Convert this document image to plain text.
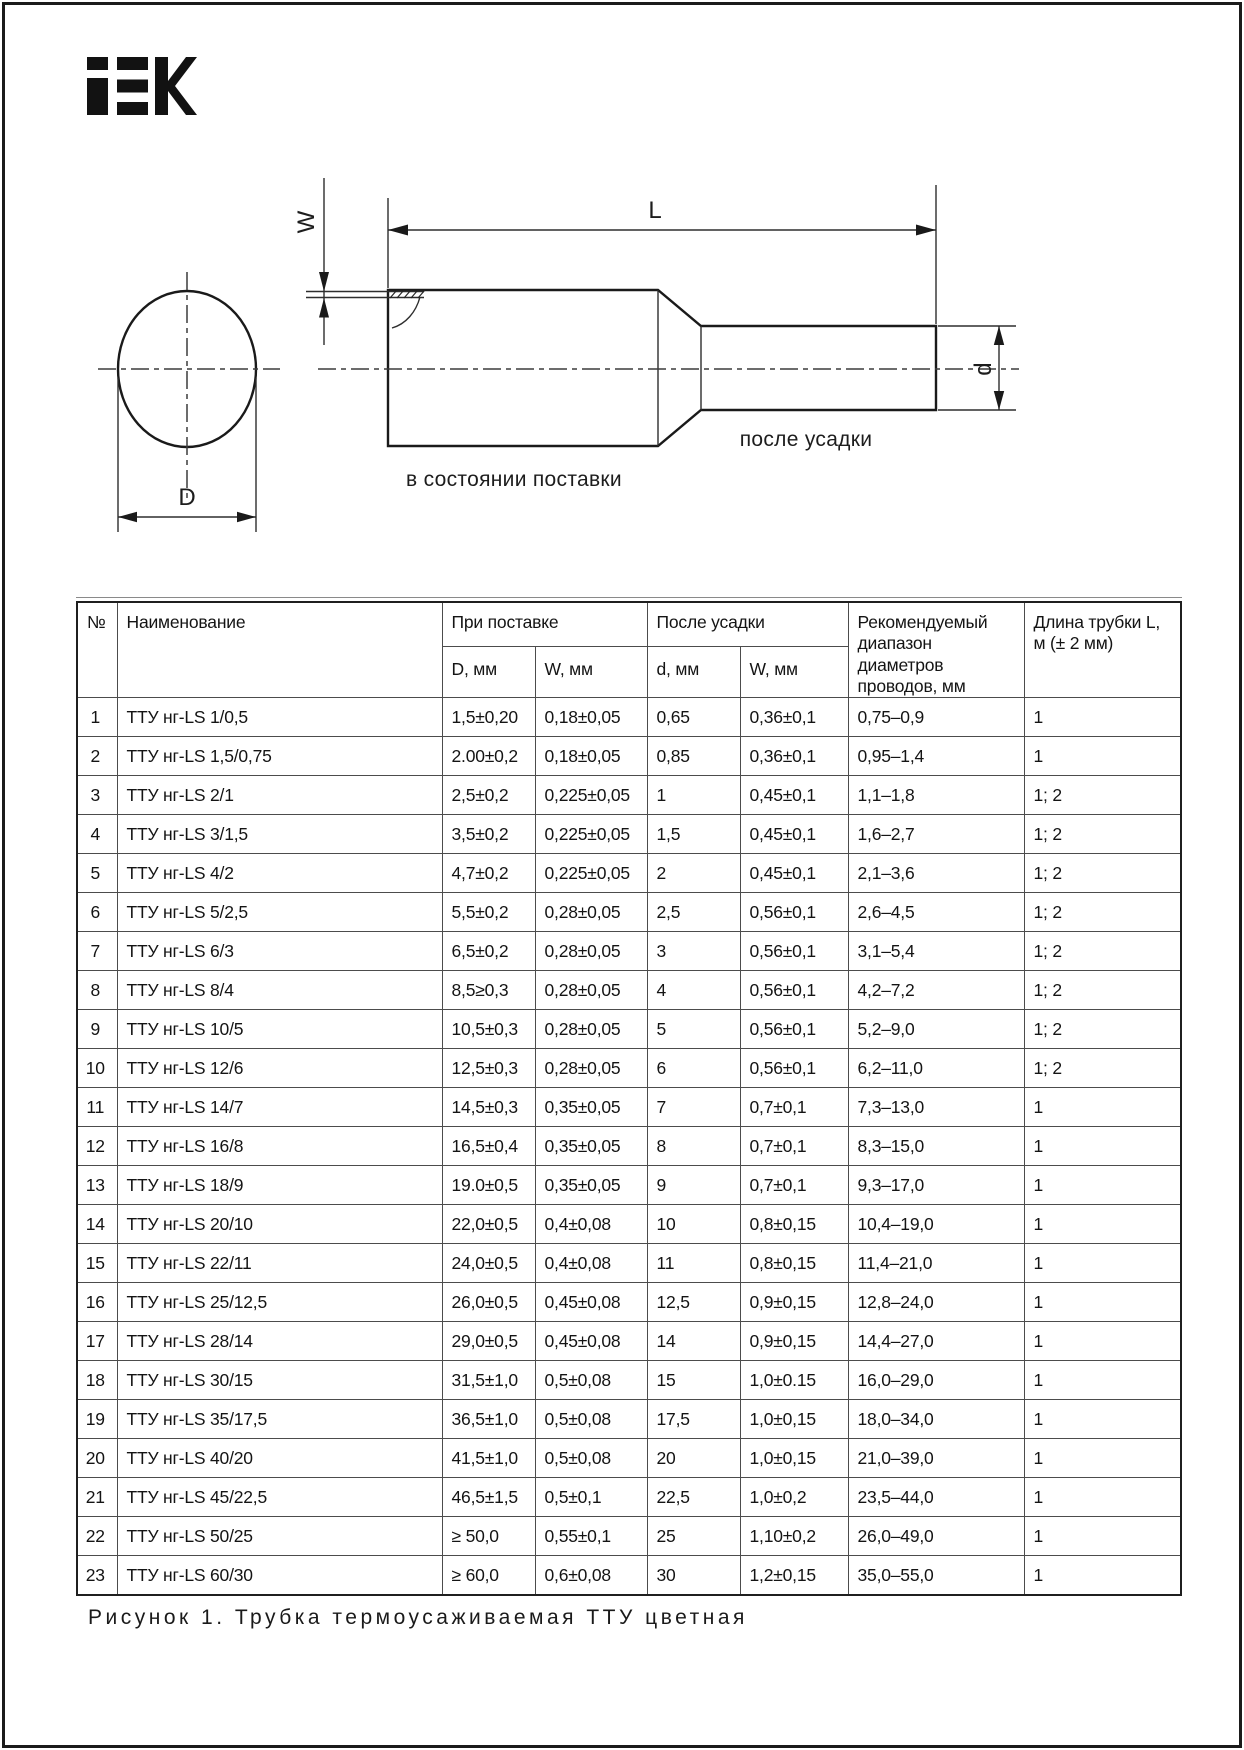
W	L
d
D
в состоянии поставки
после усадки
№	Наименование	При поставке		После усадки		Рекомендуемый диапазон диаметров проводов, мм	Длина трубки L, м (± 2 мм)
		D, мм	W, мм	d, мм	W, мм		
1	ТТУ нг-LS 1/0,5	1,5±0,20	0,18±0,05	0,65	0,36±0,1	0,75–0,9	1
2	ТТУ нг-LS 1,5/0,75	2.00±0,2	0,18±0,05	0,85	0,36±0,1	0,95–1,4	1
3	ТТУ нг-LS 2/1	2,5±0,2	0,225±0,05	1	0,45±0,1	1,1–1,8	1; 2
4	ТТУ нг-LS 3/1,5	3,5±0,2	0,225±0,05	1,5	0,45±0,1	1,6–2,7	1; 2
5	ТТУ нг-LS 4/2	4,7±0,2	0,225±0,05	2	0,45±0,1	2,1–3,6	1; 2
6	ТТУ нг-LS 5/2,5	5,5±0,2	0,28±0,05	2,5	0,56±0,1	2,6–4,5	1; 2
7	ТТУ нг-LS 6/3	6,5±0,2	0,28±0,05	3	0,56±0,1	3,1–5,4	1; 2
8	ТТУ нг-LS 8/4	8,5≥0,3	0,28±0,05	4	0,56±0,1	4,2–7,2	1; 2
9	ТТУ нг-LS 10/5	10,5±0,3	0,28±0,05	5	0,56±0,1	5,2–9,0	1; 2
10	ТТУ нг-LS 12/6	12,5±0,3	0,28±0,05	6	0,56±0,1	6,2–11,0	1; 2
11	ТТУ нг-LS 14/7	14,5±0,3	0,35±0,05	7	0,7±0,1	7,3–13,0	1
12	ТТУ нг-LS 16/8	16,5±0,4	0,35±0,05	8	0,7±0,1	8,3–15,0	1
13	ТТУ нг-LS 18/9	19.0±0,5	0,35±0,05	9	0,7±0,1	9,3–17,0	1
14	ТТУ нг-LS 20/10	22,0±0,5	0,4±0,08	10	0,8±0,15	10,4–19,0	1
15	ТТУ нг-LS 22/11	24,0±0,5	0,4±0,08	11	0,8±0,15	11,4–21,0	1
16	ТТУ нг-LS 25/12,5	26,0±0,5	0,45±0,08	12,5	0,9±0,15	12,8–24,0	1
17	ТТУ нг-LS 28/14	29,0±0,5	0,45±0,08	14	0,9±0,15	14,4–27,0	1
18	ТТУ нг-LS 30/15	31,5±1,0	0,5±0,08	15	1,0±0.15	16,0–29,0	1
19	ТТУ нг-LS 35/17,5	36,5±1,0	0,5±0,08	17,5	1,0±0,15	18,0–34,0	1
20	ТТУ нг-LS 40/20	41,5±1,0	0,5±0,08	20	1,0±0,15	21,0–39,0	1
21	ТТУ нг-LS 45/22,5	46,5±1,5	0,5±0,1	22,5	1,0±0,2	23,5–44,0	1
22	ТТУ нг-LS 50/25	≥ 50,0	0,55±0,1	25	1,10±0,2	26,0–49,0	1
23	ТТУ нг-LS 60/30	≥ 60,0	0,6±0,08	30	1,2±0,15	35,0–55,0	1
Рисунок 1. Трубка термоусаживаемая ТТУ цветная
